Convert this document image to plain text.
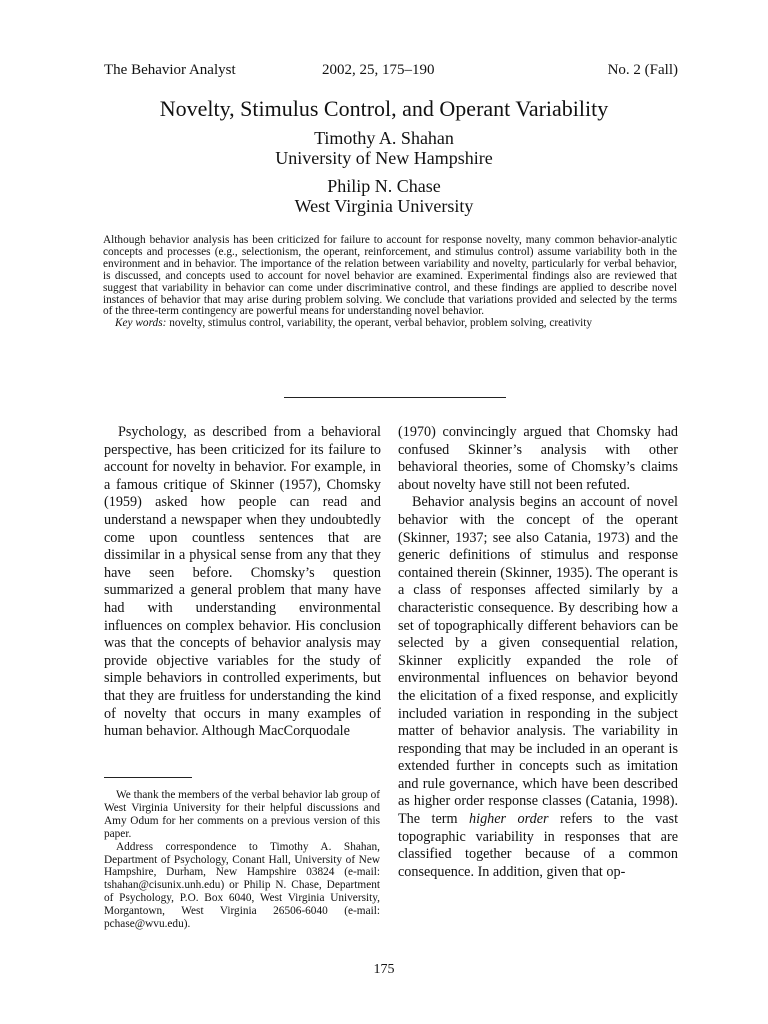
The Behavior Analyst	2002, 25, 175–190	No. 2 (Fall)
Novelty, Stimulus Control, and Operant Variability
Timothy A. Shahan
University of New Hampshire
Philip N. Chase
West Virginia University

Although behavior analysis has been criticized for failure to account for response novelty, many common behavior-analytic concepts and processes (e.g., selectionism, the operant, reinforcement, and stimulus control) assume variability both in the environment and in behavior. The importance of the relation between variability and novelty, particularly for verbal behavior, is discussed, and concepts used to account for novel behavior are examined. Experimental findings also are reviewed that suggest that variability in behavior can come under discriminative control, and these findings are applied to describe novel instances of behavior that may arise during problem solving. We conclude that variations provided and selected by the terms of the three-term contingency are powerful means for understanding novel behavior.

Key words: novelty, stimulus control, variability, the operant, verbal behavior, problem solving, creativity

Psychology, as described from a behavioral perspective, has been criticized for its failure to account for novelty in behavior. For example, in a famous critique of Skinner (1957), Chomsky (1959) asked how people can read and understand a newspaper when they undoubtedly come upon countless sentences that are dissimilar in a physical sense from any that they have seen before. Chomsky’s question summarized a general problem that many have had with understanding environmental influences on complex behavior. His conclusion was that the concepts of behavior analysis may provide objective variables for the study of simple behaviors in controlled experiments, but that they are fruitless for understanding the kind of novelty that occurs in many examples of human behavior. Although MacCorquodale

(1970) convincingly argued that Chomsky had confused Skinner’s analysis with other behavioral theories, some of Chomsky’s claims about novelty have still not been refuted.

Behavior analysis begins an account of novel behavior with the concept of the operant (Skinner, 1937; see also Catania, 1973) and the generic definitions of stimulus and response contained therein (Skinner, 1935). The operant is a class of responses affected similarly by a characteristic consequence. By describing how a set of topographically different behaviors can be selected by a given consequential relation, Skinner explicitly expanded the role of environmental influences on behavior beyond the elicitation of a fixed response, and explicitly included variation in responding in the subject matter of behavior analysis. The variability in responding that may be included in an operant is extended further in concepts such as imitation and rule governance, which have been described as higher order response classes (Catania, 1998). The term higher order refers to the vast topographic variability in responses that are classified together because of a common consequence. In addition, given that op-

We thank the members of the verbal behavior lab group of West Virginia University for their helpful discussions and Amy Odum for her comments on a previous version of this paper.

Address correspondence to Timothy A. Shahan, Department of Psychology, Conant Hall, University of New Hampshire, Durham, New Hampshire 03824 (e-mail: tshahan@cisunix.unh.edu) or Philip N. Chase, Department of Psychology, P.O. Box 6040, West Virginia University, Morgantown, West Virginia 26506-6040 (e-mail: pchase@wvu.edu).

175
